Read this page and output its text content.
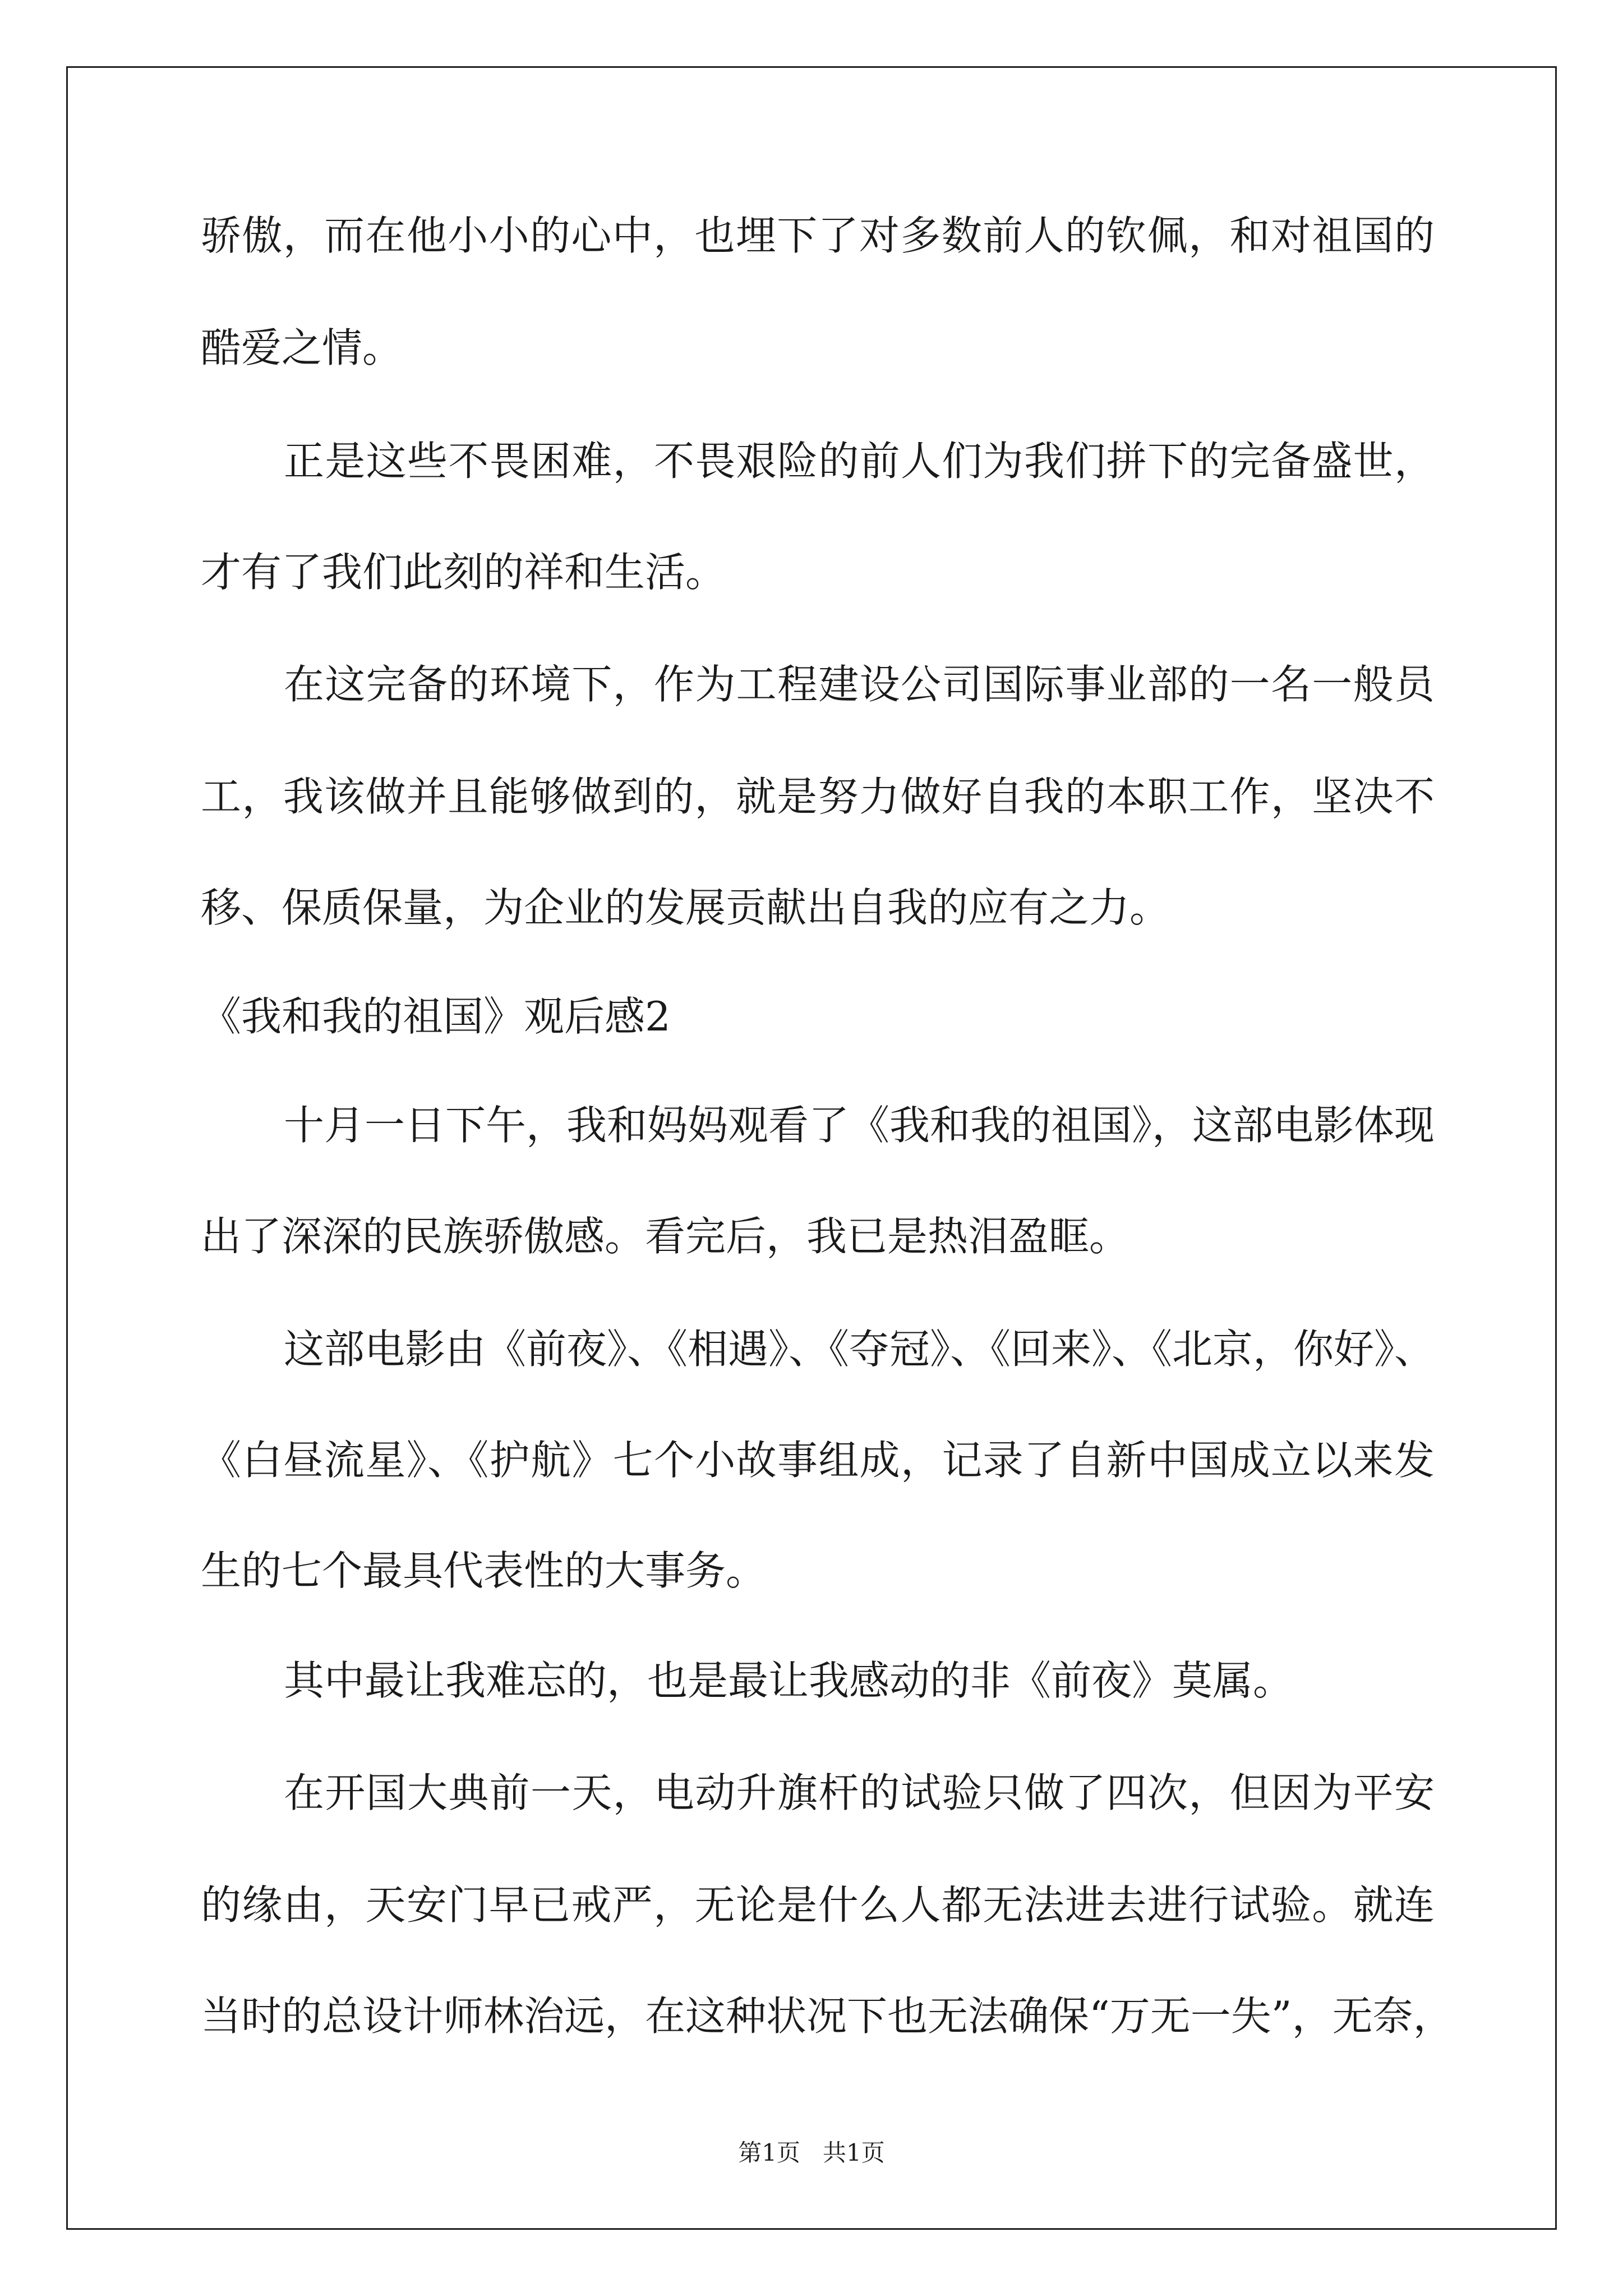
骄傲，而在他小小的心中，也埋下了对多数前人的钦佩，和对祖国的
酷爱之情。
正是这些不畏困难，不畏艰险的前人们为我们拼下的完备盛世，
才有了我们此刻的祥和生活。
在这完备的环境下，作为工程建设公司国际事业部的一名一般员
工，我该做并且能够做到的，就是努力做好自我的本职工作，坚决不
移、保质保量，为企业的发展贡献出自我的应有之力。
《我和我的祖国》观后感2
十月一日下午，我和妈妈观看了《我和我的祖国》，这部电影体现
出了深深的民族骄傲感。看完后，我已是热泪盈眶。
这部电影由《前夜》、《相遇》、《夺冠》、《回来》、《北京，你好》、
《白昼流星》、《护航》七个小故事组成，记录了自新中国成立以来发
生的七个最具代表性的大事务。
其中最让我难忘的，也是最让我感动的非《前夜》莫属。
在开国大典前一天，电动升旗杆的试验只做了四次，但因为平安
的缘由，天安门早已戒严，无论是什么人都无法进去进行试验。就连
当时的总设计师林治远，在这种状况下也无法确保“万无一失”，无奈，
第1页   共1页
